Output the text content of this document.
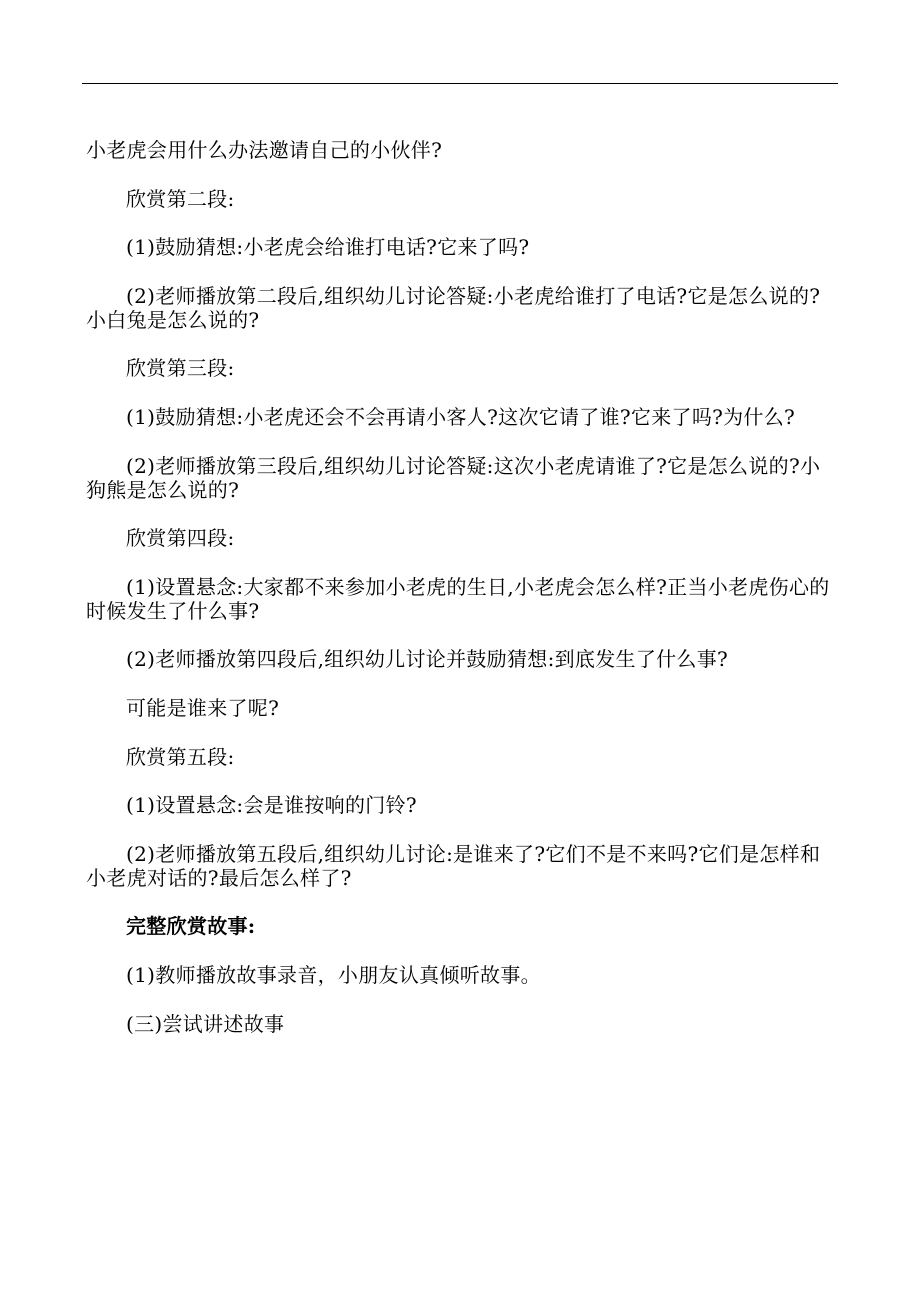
小老虎会用什么办法邀请自己的小伙伴?

欣赏第二段:

(1)鼓励猜想:小老虎会给谁打电话?它来了吗?

(2)老师播放第二段后,组织幼儿讨论答疑:小老虎给谁打了电话?它是怎么说的?小白兔是怎么说的?

欣赏第三段:

(1)鼓励猜想:小老虎还会不会再请小客人?这次它请了谁?它来了吗?为什么?

(2)老师播放第三段后,组织幼儿讨论答疑:这次小老虎请谁了?它是怎么说的?小狗熊是怎么说的?

欣赏第四段:

(1)设置悬念:大家都不来参加小老虎的生日,小老虎会怎么样?正当小老虎伤心的时候发生了什么事?

(2)老师播放第四段后,组织幼儿讨论并鼓励猜想:到底发生了什么事?

可能是谁来了呢?

欣赏第五段:

(1)设置悬念:会是谁按响的门铃?

(2)老师播放第五段后,组织幼儿讨论:是谁来了?它们不是不来吗?它们是怎样和小老虎对话的?最后怎么样了?

完整欣赏故事:

(1)教师播放故事录音，小朋友认真倾听故事。

(三)尝试讲述故事
